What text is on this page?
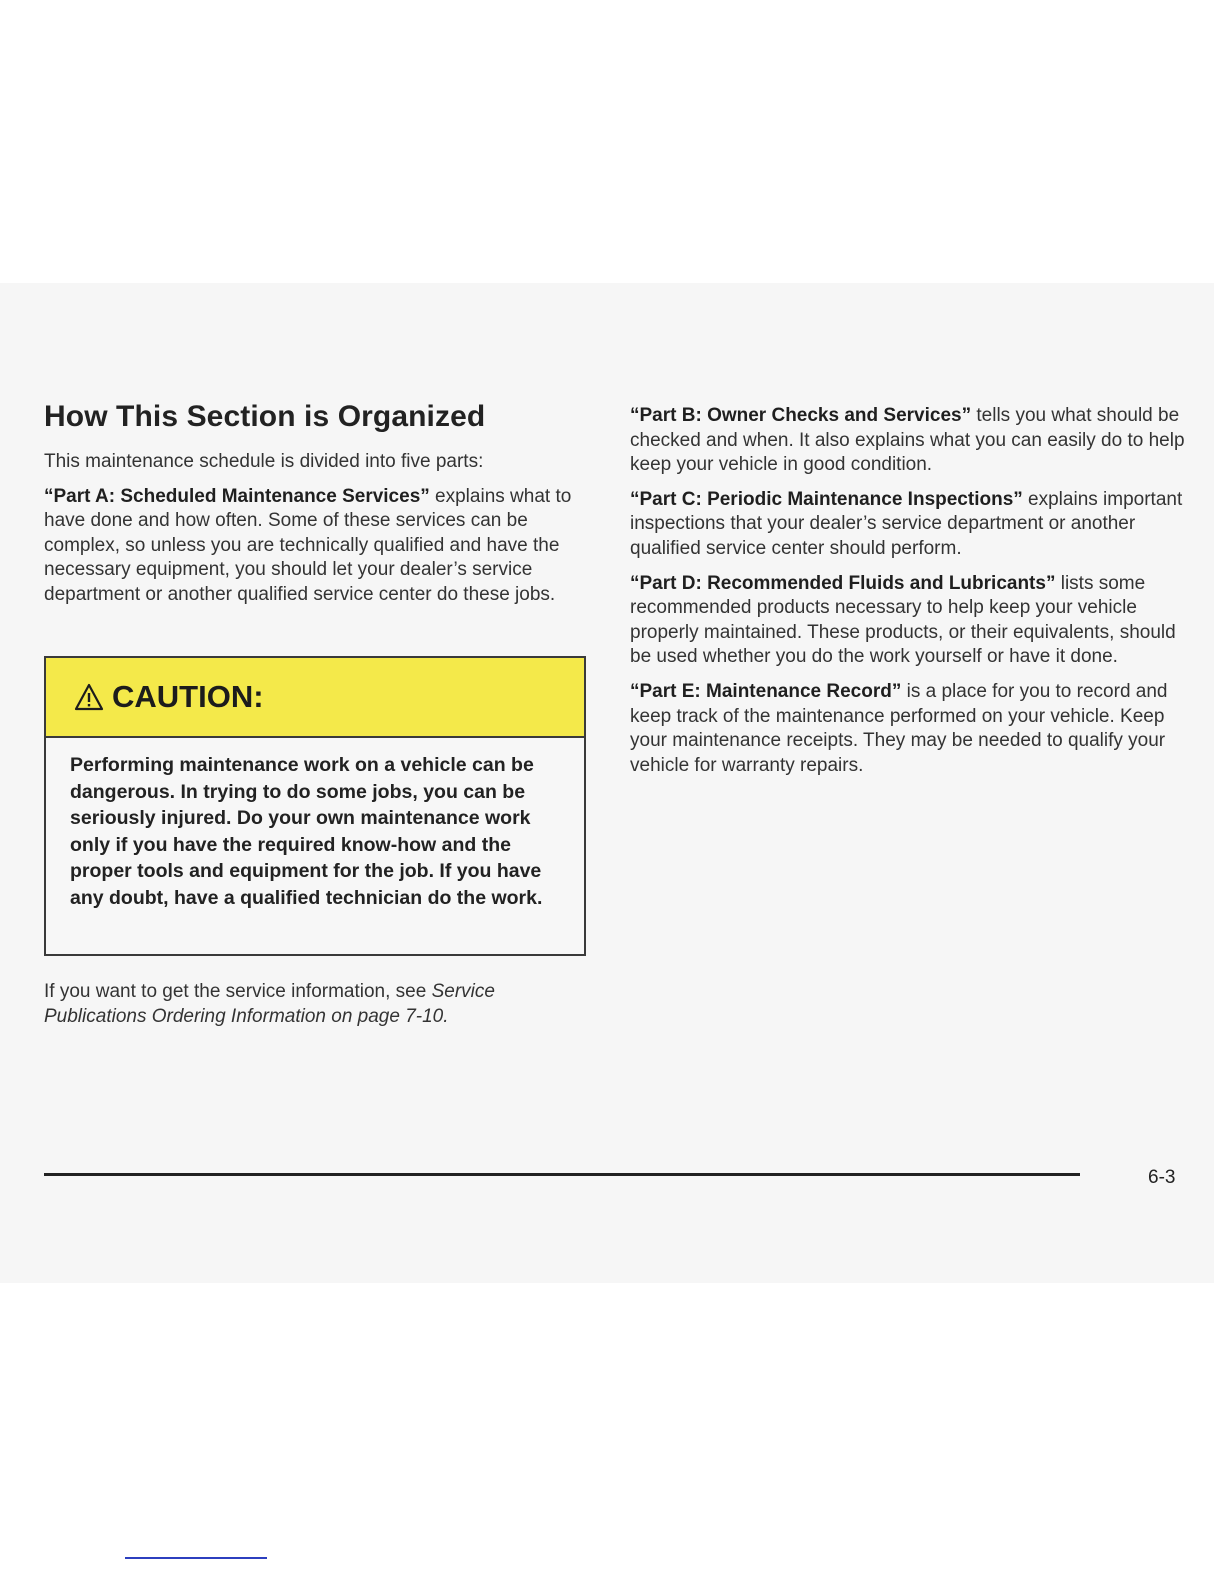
How This Section is Organized

This maintenance schedule is divided into five parts:

“Part A: Scheduled Maintenance Services” explains what to have done and how often. Some of these services can be complex, so unless you are technically qualified and have the necessary equipment, you should let your dealer’s service department or another qualified service center do these jobs.

CAUTION:
Performing maintenance work on a vehicle can be dangerous. In trying to do some jobs, you can be seriously injured. Do your own maintenance work only if you have the required know-how and the proper tools and equipment for the job. If you have any doubt, have a qualified technician do the work.

If you want to get the service information, see Service Publications Ordering Information on page 7-10.

“Part B: Owner Checks and Services” tells you what should be checked and when. It also explains what you can easily do to help keep your vehicle in good condition.

“Part C: Periodic Maintenance Inspections” explains important inspections that your dealer’s service department or another qualified service center should perform.

“Part D: Recommended Fluids and Lubricants” lists some recommended products necessary to help keep your vehicle properly maintained. These products, or their equivalents, should be used whether you do the work yourself or have it done.

“Part E: Maintenance Record” is a place for you to record and keep track of the maintenance performed on your vehicle. Keep your maintenance receipts. They may be needed to qualify your vehicle for warranty repairs.

6-3
